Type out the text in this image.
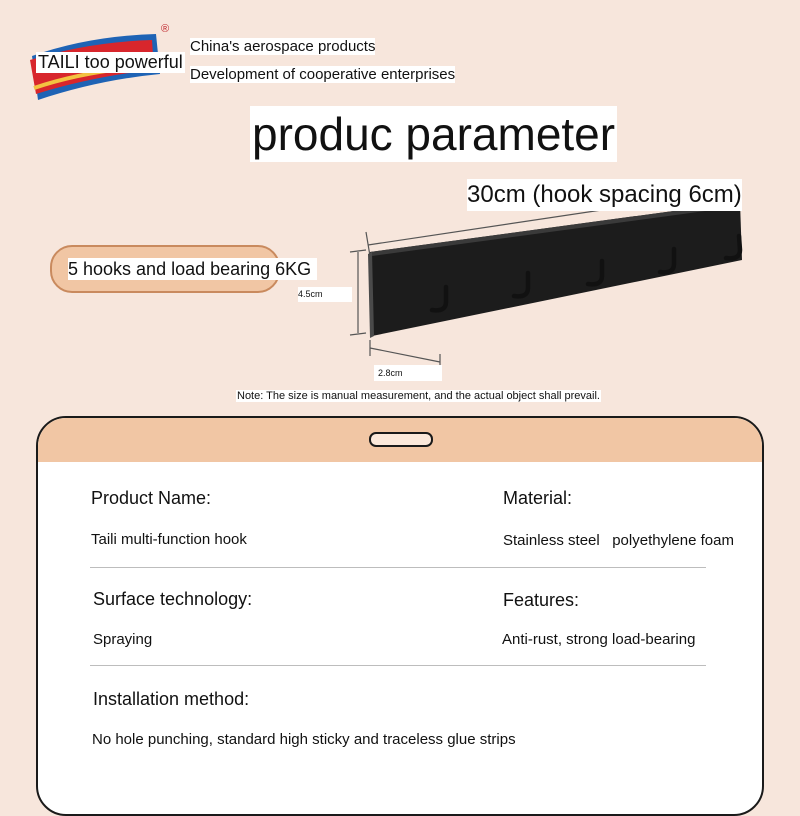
®
TAILI too powerful
China's aerospace products
Development of cooperative enterprises
produc parameter
30cm (hook spacing 6cm)
5 hooks and load bearing 6KG
4.5cm
2.8cm
Note: The size is manual measurement, and the actual object shall prevail.
Product Name:
Taili multi-function hook
Material:
Stainless steel   polyethylene foam
Surface technology:
Spraying
Features:
Anti-rust, strong load-bearing
Installation method:
No hole punching, standard high sticky and traceless glue strips
